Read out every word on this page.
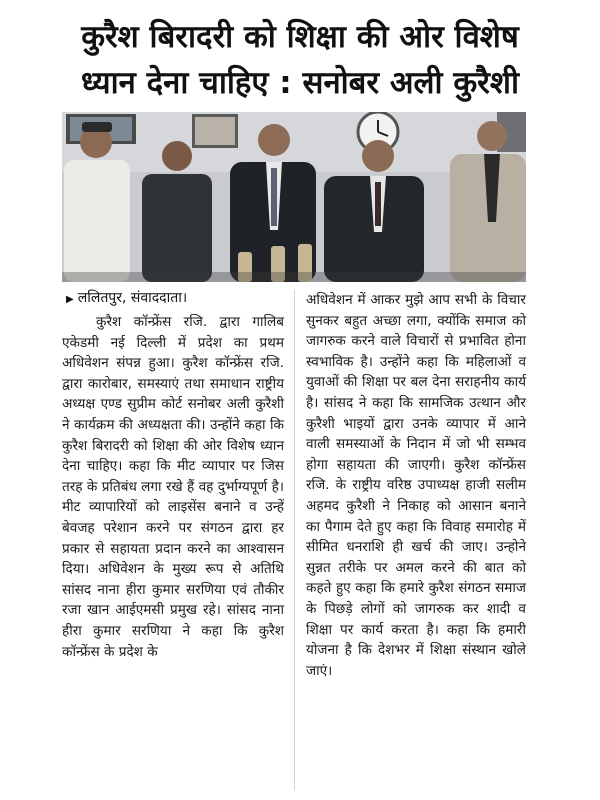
कुरैश बिरादरी को शिक्षा की ओर विशेष
ध्यान देना चाहिए : सनोबर अली कुरैशी
▶ ललितपुर, संवाददाता।
कुरैश कॉन्फ्रेंस रजि. द्वारा गालिब एकेडमी नई दिल्ली में प्रदेश का प्रथम अधिवेशन संपन्न हुआ। कुरैश कॉन्फ्रेंस रजि. द्वारा कारोबार, समस्याएं तथा समाधान राष्ट्रीय अध्यक्ष एण्ड सुप्रीम कोर्ट सनोबर अली कुरैशी ने कार्यक्रम की अध्यक्षता की। उन्होंने कहा कि कुरैश बिरादरी को शिक्षा की ओर विशेष ध्यान देना चाहिए। कहा कि मीट व्यापार पर जिस तरह के प्रतिबंध लगा रखे हैं वह दुर्भाग्यपूर्ण है। मीट व्यापारियों को लाइसेंस बनाने व उन्हें बेवजह परेशान करने पर संगठन द्वारा हर प्रकार से सहायता प्रदान करने का आश्वासन दिया। अधिवेशन के मुख्य रूप से अतिथि सांसद नाना हीरा कुमार सरणिया एवं तौकीर रजा खान आईएमसी प्रमुख रहे। सांसद नाना हीरा कुमार सरणिया ने कहा कि कुरैश कॉन्फ्रेंस के प्रदेश के
अधिवेशन में आकर मुझे आप सभी के विचार सुनकर बहुत अच्छा लगा, क्योंकि समाज को जागरुक करने वाले विचारों से प्रभावित होना स्वभाविक है। उन्होंने कहा कि महिलाओं व युवाओं की शिक्षा पर बल देना सराहनीय कार्य है। सांसद ने कहा कि सामजिक उत्थान और कुरैशी भाइयों द्वारा उनके व्यापार में आने वाली समस्याओं के निदान में जो भी सम्भव होगा सहायता की जाएगी। कुरैश कॉन्फ्रेंस रजि. के राष्ट्रीय वरिष्ठ उपाध्यक्ष हाजी सलीम अहमद कुरैशी ने निकाह को आसान बनाने का पैगाम देते हुए कहा कि विवाह समारोह में सीमित धनराशि ही खर्च की जाए। उन्होने सुन्नत तरीके पर अमल करने की बात को कहते हुए कहा कि हमारे कुरैश संगठन समाज के पिछड़े लोगों को जागरुक कर शादी व शिक्षा पर कार्य करता है। कहा कि हमारी योजना है कि देशभर में शिक्षा संस्थान खोले जाएं।
